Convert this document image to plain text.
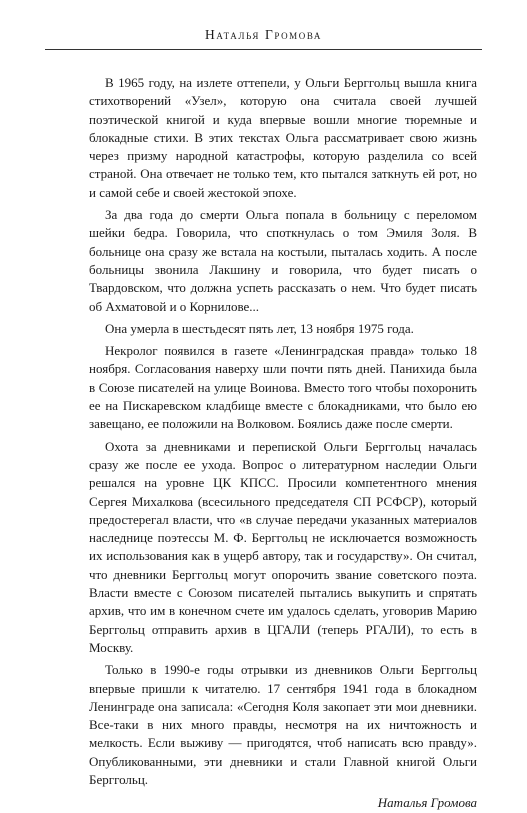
Наталья Громова

В 1965 году, на излете оттепели, у Ольги Берггольц вышла книга стихотворений «Узел», которую она считала своей лучшей поэтической книгой и куда впервые вошли многие тюремные и блокадные стихи. В этих текстах Ольга рассматривает свою жизнь через призму народной катастрофы, которую разделила со всей страной. Она отвечает не только тем, кто пытался заткнуть ей рот, но и самой себе и своей жестокой эпохе.

За два года до смерти Ольга попала в больницу с переломом шейки бедра. Говорила, что споткнулась о том Эмиля Золя. В больнице она сразу же встала на костыли, пыталась ходить. А после больницы звонила Лакшину и говорила, что будет писать о Твардовском, что должна успеть рассказать о нем. Что будет писать об Ахматовой и о Корнилове...

Она умерла в шестьдесят пять лет, 13 ноября 1975 года.

Некролог появился в газете «Ленинградская правда» только 18 ноября. Согласования наверху шли почти пять дней. Панихида была в Союзе писателей на улице Воинова. Вместо того чтобы похоронить ее на Пискаревском кладбище вместе с блокадниками, что было ею завещано, ее положили на Волковом. Боялись даже после смерти.

Охота за дневниками и перепиской Ольги Берггольц началась сразу же после ее ухода. Вопрос о литературном наследии Ольги решался на уровне ЦК КПСС. Просили компетентного мнения Сергея Михалкова (всесильного председателя СП РСФСР), который предостерегал власти, что «в случае передачи указанных материалов наследнице поэтессы М. Ф. Берггольц не исключается возможность их использования как в ущерб автору, так и государству». Он считал, что дневники Берггольц могут опорочить звание советского поэта. Власти вместе с Союзом писателей пытались выкупить и спрятать архив, что им в конечном счете им удалось сделать, уговорив Марию Берггольц отправить архив в ЦГАЛИ (теперь РГАЛИ), то есть в Москву.

Только в 1990-е годы отрывки из дневников Ольги Берггольц впервые пришли к читателю. 17 сентября 1941 года в блокадном Ленинграде она записала: «Сегодня Коля закопает эти мои дневники. Все-таки в них много правды, несмотря на их ничтожность и мелкость. Если выживу — пригодятся, чтоб написать всю правду». Опубликованными, эти дневники и стали Главной книгой Ольги Берггольц.

Наталья Громова
